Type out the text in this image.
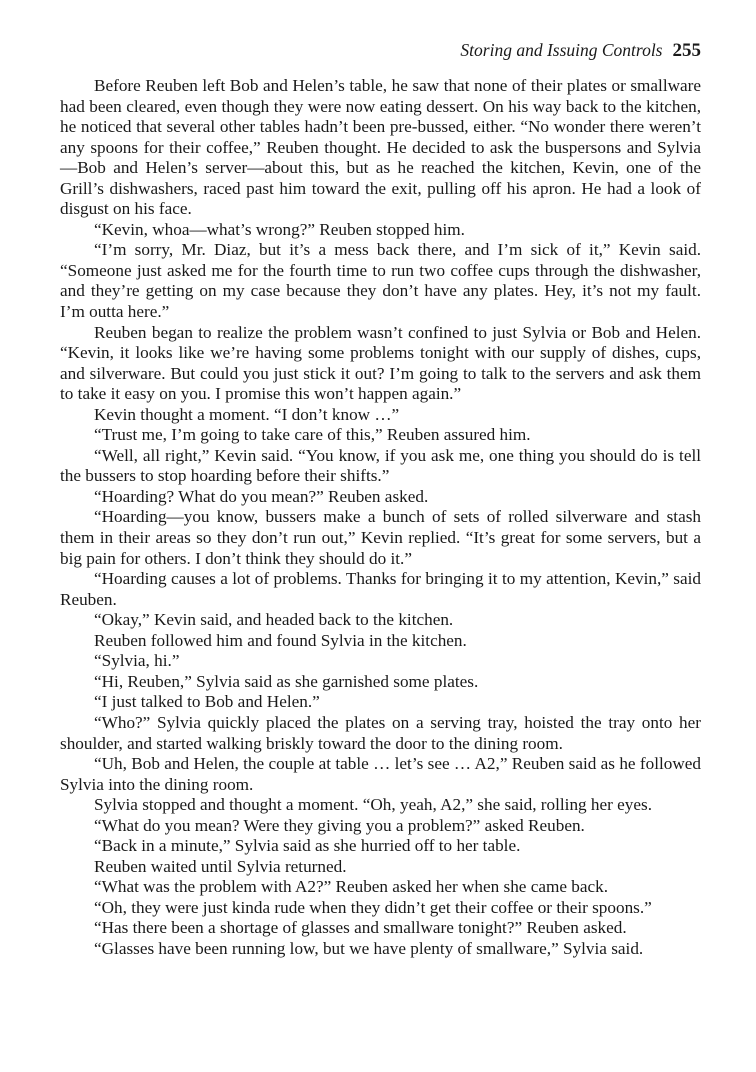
Storing and Issuing Controls 255

Before Reuben left Bob and Helen’s table, he saw that none of their plates or smallware had been cleared, even though they were now eating dessert. On his way back to the kitchen, he noticed that several other tables hadn’t been pre-bussed, either. “No wonder there weren’t any spoons for their coffee,” Reuben thought. He decided to ask the buspersons and Sylvia—Bob and Helen’s server—about this, but as he reached the kitchen, Kevin, one of the Grill’s dishwashers, raced past him toward the exit, pulling off his apron. He had a look of disgust on his face.

“Kevin, whoa—what’s wrong?” Reuben stopped him.

“I’m sorry, Mr. Diaz, but it’s a mess back there, and I’m sick of it,” Kevin said. “Someone just asked me for the fourth time to run two coffee cups through the dishwasher, and they’re getting on my case because they don’t have any plates. Hey, it’s not my fault. I’m outta here.”

Reuben began to realize the problem wasn’t confined to just Sylvia or Bob and Helen. “Kevin, it looks like we’re having some problems tonight with our supply of dishes, cups, and silverware. But could you just stick it out? I’m going to talk to the servers and ask them to take it easy on you. I promise this won’t happen again.”

Kevin thought a moment. “I don’t know …”

“Trust me, I’m going to take care of this,” Reuben assured him.

“Well, all right,” Kevin said. “You know, if you ask me, one thing you should do is tell the bussers to stop hoarding before their shifts.”

“Hoarding? What do you mean?” Reuben asked.

“Hoarding—you know, bussers make a bunch of sets of rolled silverware and stash them in their areas so they don’t run out,” Kevin replied. “It’s great for some servers, but a big pain for others. I don’t think they should do it.”

“Hoarding causes a lot of problems. Thanks for bringing it to my attention, Kevin,” said Reuben.

“Okay,” Kevin said, and headed back to the kitchen.

Reuben followed him and found Sylvia in the kitchen.

“Sylvia, hi.”

“Hi, Reuben,” Sylvia said as she garnished some plates.

“I just talked to Bob and Helen.”

“Who?” Sylvia quickly placed the plates on a serving tray, hoisted the tray onto her shoulder, and started walking briskly toward the door to the dining room.

“Uh, Bob and Helen, the couple at table … let’s see … A2,” Reuben said as he followed Sylvia into the dining room.

Sylvia stopped and thought a moment. “Oh, yeah, A2,” she said, rolling her eyes.

“What do you mean? Were they giving you a problem?” asked Reuben.

“Back in a minute,” Sylvia said as she hurried off to her table.

Reuben waited until Sylvia returned.

“What was the problem with A2?” Reuben asked her when she came back.

“Oh, they were just kinda rude when they didn’t get their coffee or their spoons.”

“Has there been a shortage of glasses and smallware tonight?” Reuben asked.

“Glasses have been running low, but we have plenty of smallware,” Sylvia said.
